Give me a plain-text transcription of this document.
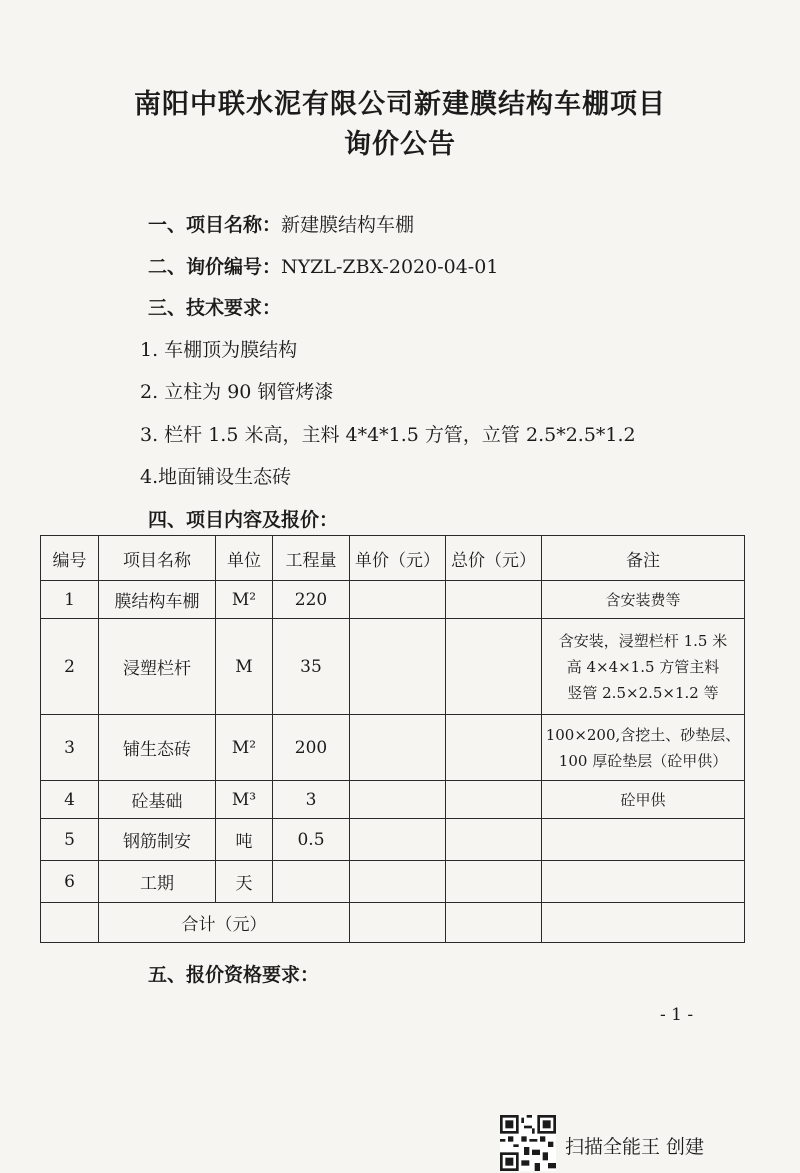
南阳中联水泥有限公司新建膜结构车棚项目
询价公告
一、项目名称：新建膜结构车棚
二、询价编号：NYZL-ZBX-2020-04-01
三、技术要求：
1. 车棚顶为膜结构
2. 立柱为 90 钢管烤漆
3. 栏杆 1.5 米高，主料 4*4*1.5 方管，立管 2.5*2.5*1.2
4.地面铺设生态砖
四、项目内容及报价：
编号	项目名称	单位	工程量	单价（元）	总价（元）	备注
1	膜结构车棚	M²	220			含安装费等
2	浸塑栏杆	M	35			含安装，浸塑栏杆 1.5 米
高 4×4×1.5 方管主料
竖管 2.5×2.5×1.2 等

3	铺生态砖	M²	200			100×200,含挖土、砂垫层、
100 厚砼垫层（砼甲供）

4	砼基础	M³	3			砼甲供
5	钢筋制安	吨	0.5			
6	工期	天				
	合计（元）					
五、报价资格要求：
- 1 -
扫描全能王 创建
